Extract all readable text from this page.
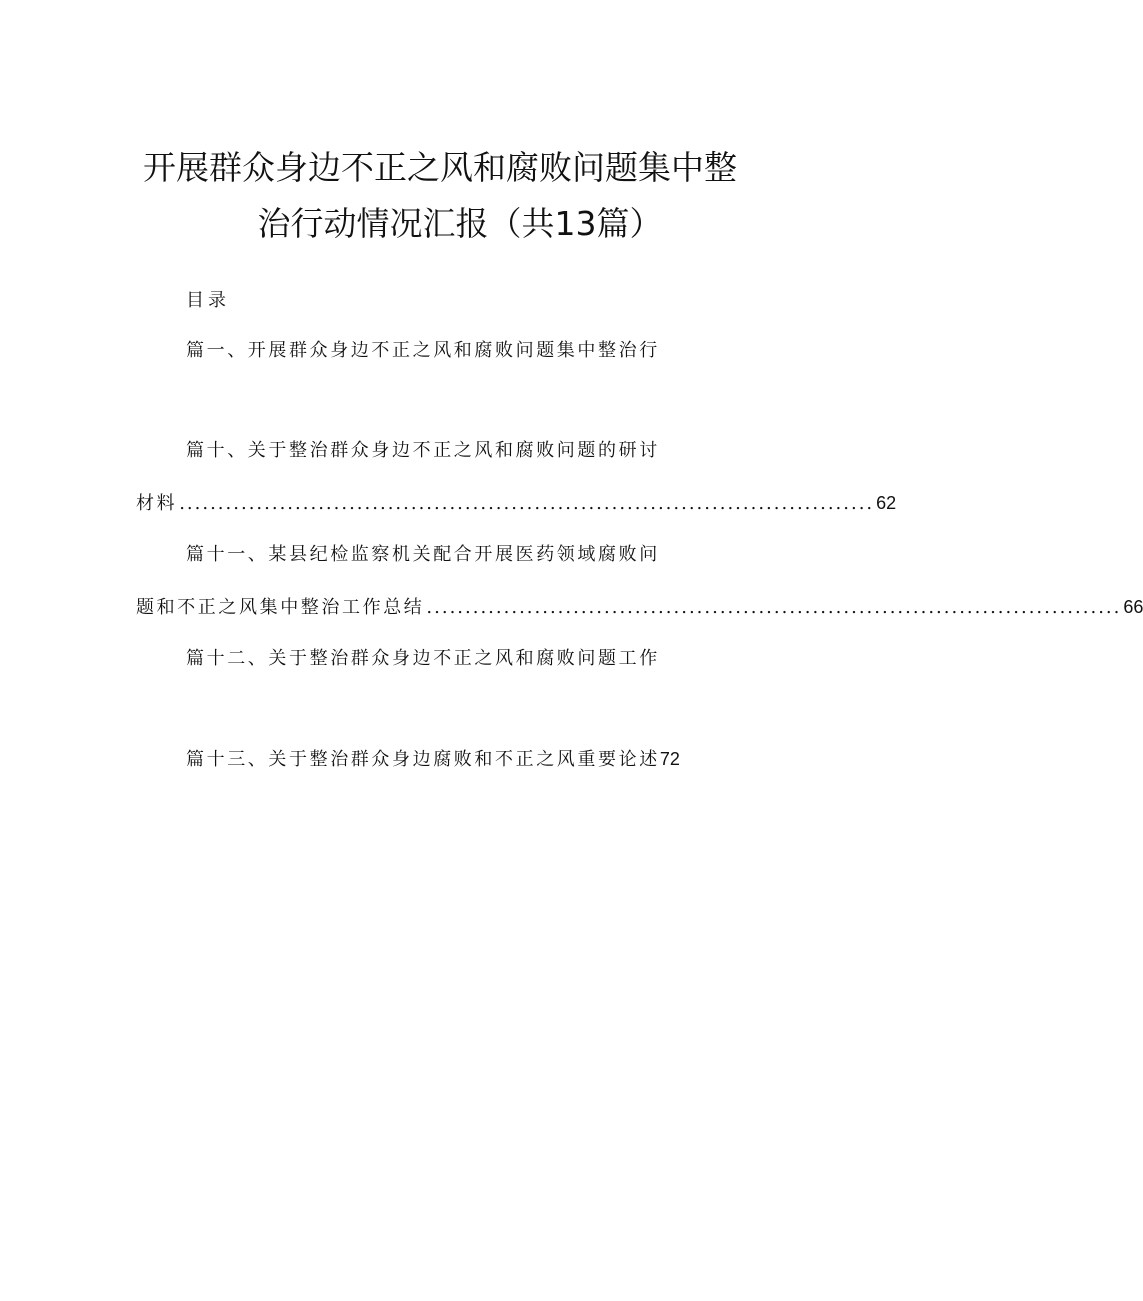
开展群众身边不正之风和腐败问题集中整
治行动情况汇报（共13篇）
目录
篇一、开展群众身边不正之风和腐败问题集中整治行
篇十、关于整治群众身边不正之风和腐败问题的研讨
材料 .......................................................................................... 62
篇十一、某县纪检监察机关配合开展医药领域腐败问
题和不正之风集中整治工作总结 .......................................................................................... 66
篇十二、关于整治群众身边不正之风和腐败问题工作
篇十三、关于整治群众身边腐败和不正之风重要论述72
